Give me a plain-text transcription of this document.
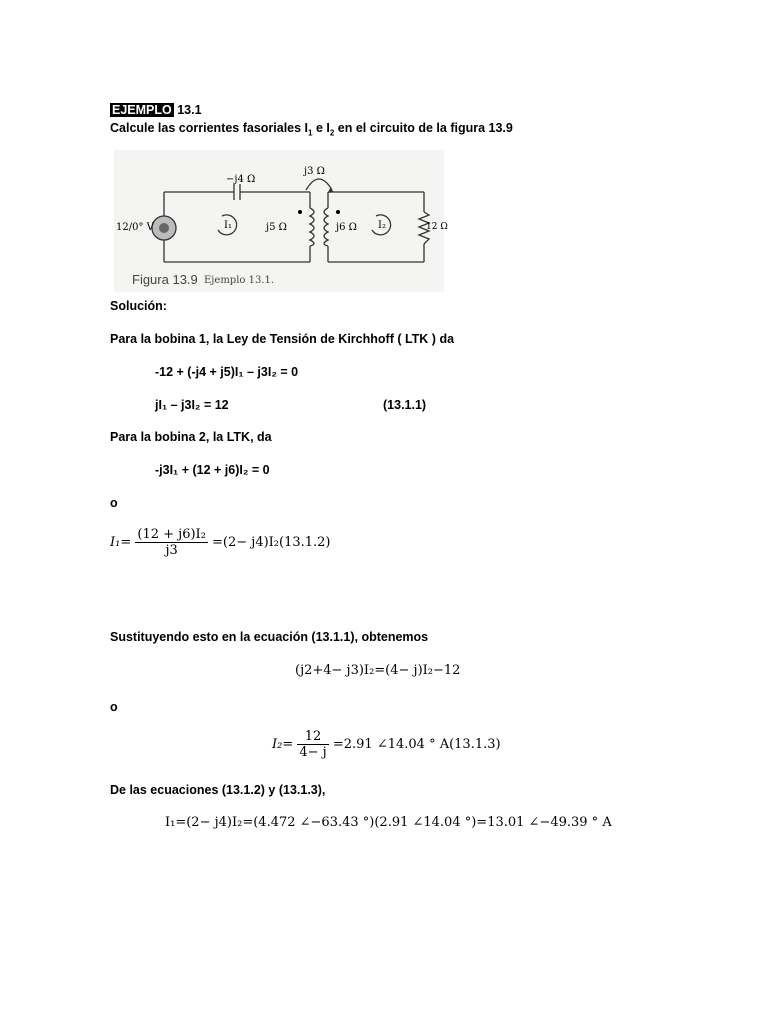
EJEMPLO 13.1
Calcule las corrientes fasoriales $I_1$ e $I_2$ en el circuito de la figura 13.9
−j4 Ω
j3 Ω
12/0° V	j5 Ω	j6 Ω	12 Ω
I₁	I₂
Figura 13.9 Ejemplo 13.1.
Solución:
Para la bobina 1, la Ley de Tensión de Kirchhoff ( LTK ) da
-12 + (-j4 + j5)I₁ – j3I₂ = 0
jI₁ – j3I₂ = 12	(13.1.1)
Para la bobina 2, la LTK, da
-j3I₁ + (12 + j6)I₂ = 0
o
$I_1= \frac{\text{(12 + j6)I₂}}{j3} =(2- j4)I_2(13.1.2)$
Sustituyendo esto en la ecuación (13.1.1), obtenemos
(j2+4− j3)I₂=(4− j)I₂−12
o
$I_2= \frac{12}{4- j} =2.91$ ∠14.04 ° A(13.1.3)
De las ecuaciones (13.1.2) y (13.1.3),
I₁=(2− j4)I₂=(4.472 ∠−63.43 °)(2.91 ∠14.04 °)=13.01 ∠−49.39 ° A
